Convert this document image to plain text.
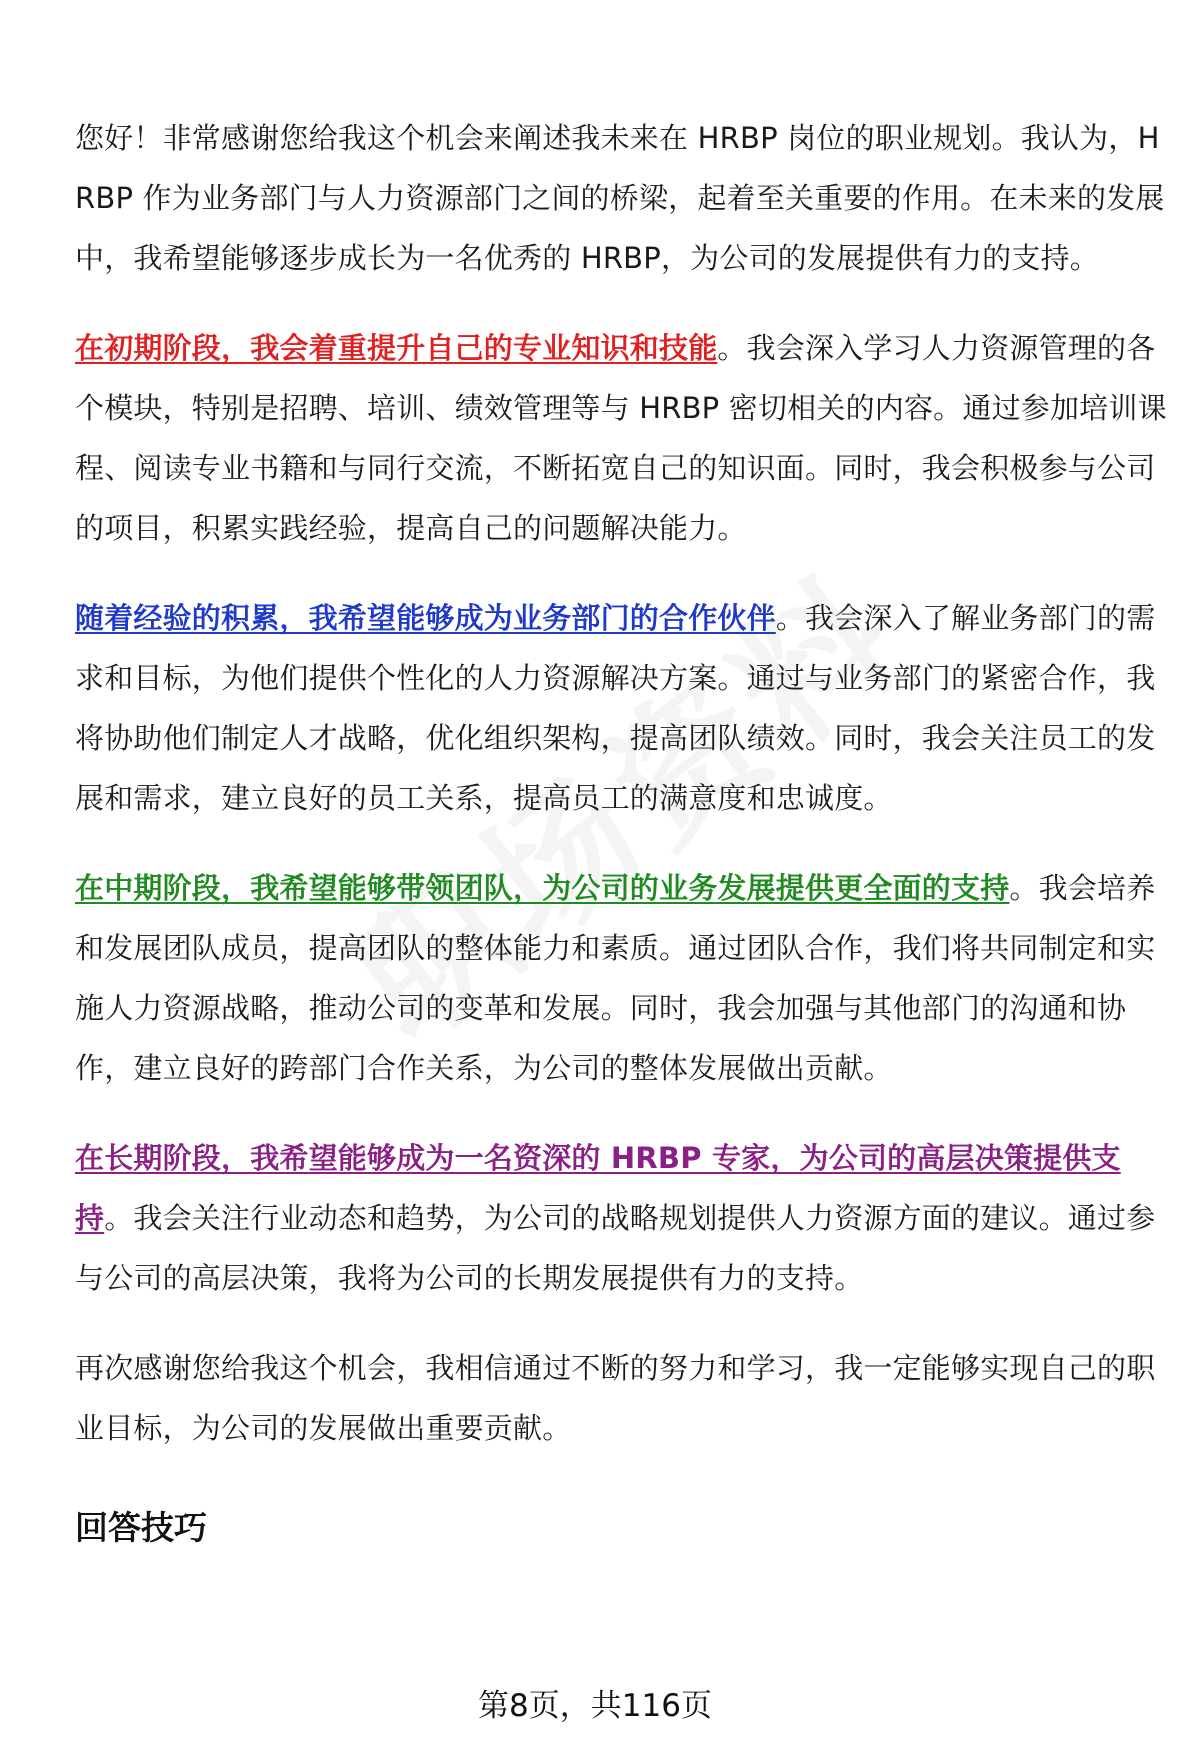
您好！非常感谢您给我这个机会来阐述我未来在 HRBP 岗位的职业规划。我认为，HRBP 作为业务部门与人力资源部门之间的桥梁，起着至关重要的作用。在未来的发展中，我希望能够逐步成长为一名优秀的 HRBP，为公司的发展提供有力的支持。

在初期阶段，我会着重提升自己的专业知识和技能。我会深入学习人力资源管理的各个模块，特别是招聘、培训、绩效管理等与 HRBP 密切相关的内容。通过参加培训课程、阅读专业书籍和与同行交流，不断拓宽自己的知识面。同时，我会积极参与公司的项目，积累实践经验，提高自己的问题解决能力。

随着经验的积累，我希望能够成为业务部门的合作伙伴。我会深入了解业务部门的需求和目标，为他们提供个性化的人力资源解决方案。通过与业务部门的紧密合作，我将协助他们制定人才战略，优化组织架构，提高团队绩效。同时，我会关注员工的发展和需求，建立良好的员工关系，提高员工的满意度和忠诚度。

在中期阶段，我希望能够带领团队，为公司的业务发展提供更全面的支持。我会培养和发展团队成员，提高团队的整体能力和素质。通过团队合作，我们将共同制定和实施人力资源战略，推动公司的变革和发展。同时，我会加强与其他部门的沟通和协作，建立良好的跨部门合作关系，为公司的整体发展做出贡献。

在长期阶段，我希望能够成为一名资深的 HRBP 专家，为公司的高层决策提供支持。我会关注行业动态和趋势，为公司的战略规划提供人力资源方面的建议。通过参与公司的高层决策，我将为公司的长期发展提供有力的支持。

再次感谢您给我这个机会，我相信通过不断的努力和学习，我一定能够实现自己的职业目标，为公司的发展做出重要贡献。

回答技巧
第8页，共116页
